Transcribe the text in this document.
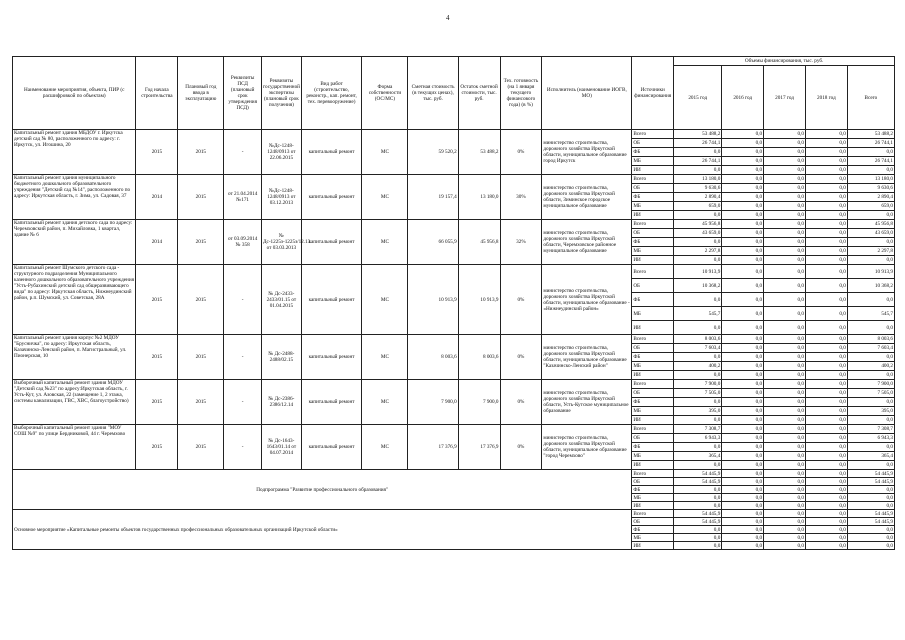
4
Наименование мероприятия, объекта, ПИР (с расшифровкой по объектам)	Год начала строительства	Плановый год ввода в эксплуатацию	Реквизиты ПСД (плановый срок утверждения ПСД)	Реквизиты государственной экспертизы (плановый срок получения)	Вид работ (строительство, реконстр., кап. ремонт, тех. перевооружение)	Форма собственности (ОС/МС)	Сметная стоимость (в текущих ценах), тыс. руб.	Остаток сметной стоимости, тыс. руб.	Тех. готовность (на 1 января текущего финансового года) (в %)	Исполнитель (наименование ИОГВ, МО)	Источники финансирования	Объемы финансирования, тыс. руб.				
												2015 год	2016 год	2017 год	2018 год	Всего
Капитальный ремонт здания МБДОУ г. Иркутска детский сад № 80, расположенного по адресу: г. Иркутск, ул. Игошина, 20	2015	2015	-	№Дс-1248-1248/0913 от 22.06.2015	капитальный ремонт	МС	59 520,2	53 488,2	0%	министерство строительства, дорожного хозяйства Иркутской области, муниципальное образование город Иркутск	Всего	53 488,2	0,0	0,0	0,0	53 488,2
											ОБ	26 744,1	0,0	0,0	0,0	26 744,1
											ФБ	0,0	0,0	0,0	0,0	0,0
											МБ	26 744,1	0,0	0,0	0,0	26 744,1
											ИИ	0,0	0,0	0,0	0,0	0,0
Капитальный ремонт здания муниципального бюджетного дошкольного образовательного учреждения "Детский сад №14", расположенного по адресу: Иркутская область, г. Зима, ул. Садовая, 37	2014	2015	от 21.04.2014 №171	№Дс-1248-1248/0913 от 03.12.2013	капитальный ремонт	МС	19 157,4	13 180,0	30%	министерство строительства, дорожного хозяйства Иркутской области, Зиминское городское муниципальное образование	Всего	13 180,0	0,0	0,0	0,0	13 180,0
											ОБ	9 630,6	0,0	0,0	0,0	9 630,6
											ФБ	2 890,4	0,0	0,0	0,0	2 890,4
											МБ	659,0	0,0	0,0	0,0	659,0
											ИИ	0,0	0,0	0,0	0,0	0,0
Капитальный ремонт здания детского сада по адресу: Черемховский район, п. Михайловка, 1 квартал, здание № 6	2014	2015	от 03.09.2014 № 358	№ Дс-1225з-1225з/12.13 от 03.03.2013	капитальный ремонт	МС	66 055,9	45 956,8	32%	министерство строительства, дорожного хозяйства Иркутской области, Черемховское районное муниципальное образование	Всего	45 956,8	0,0	0,0	0,0	45 956,8
											ОБ	43 659,0	0,0	0,0	0,0	43 659,0
											ФБ	0,0	0,0	0,0	0,0	0,0
											МБ	2 297,8	0,0	0,0	0,0	2 297,8
											ИИ	0,0	0,0	0,0	0,0	0,0
Капитальный ремонт Шумского детского сада - структурного подразделения Муниципального казенного дошкольного образовательного учреждения "Усть-Рубахинский детский сад общеразвивающего вида" по адресу: Иркутская область, Нижнеудинский район, р.п. Шумский, ул. Советская, 28А	2015	2015	-	№ Дс-2433-2433/01.15 от 01.04.2015	капитальный ремонт	МС	10 913,9	10 913,9	0%	министерство строительства, дорожного хозяйства Иркутской области, муниципальное образование - «Нижнеудинский район»	Всего	10 913,9	0,0	0,0	0,0	10 913,9
											ОБ	10 368,2	0,0	0,0	0,0	10 368,2
											ФБ	0,0	0,0	0,0	0,0	0,0
											МБ	545,7	0,0	0,0	0,0	545,7
											ИИ	0,0	0,0	0,0	0,0	0,0
Капитальный ремонт здания корпус №2 МДОУ "Брусничка", по адресу: Иркутская область, Казачинско-Ленский район, п. Магистральный, ул. Пионерская, 10	2015	2015	-	№ Дс-2488-2488/02.15	капитальный ремонт	МС	8 003,6	8 003,6	0%	министерство строительства, дорожного хозяйства Иркутской области, муниципальное образование "Казачинско-Ленский район"	Всего	8 003,6	0,0	0,0	0,0	8 003,6
											ОБ	7 603,4	0,0	0,0	0,0	7 603,4
											ФБ	0,0	0,0	0,0	0,0	0,0
											МБ	400,2	0,0	0,0	0,0	400,2
											ИИ	0,0	0,0	0,0	0,0	0,0
Выборочный капитальный ремонт здания МДОУ "Детский сад №23" по адресу:Иркутская область, г. Усть-Кут, ул. Азовская, 22 (замещение 1, 2 этажа, системы канализации, ГВС, ХВС, благоустройство)	2015	2015	-	№ Дс-2386-2386/12.14	капитальный ремонт	МС	7 900,0	7 900,0	0%	министерство строительства, дорожного хозяйства Иркутской области, Усть-Кутское муниципальное образование	Всего	7 900,0	0,0	0,0	0,0	7 900,0
											ОБ	7 505,0	0,0	0,0	0,0	7 505,0
											ФБ	0,0	0,0	0,0	0,0	0,0
											МБ	395,0	0,0	0,0	0,0	395,0
											ИИ	0,0	0,0	0,0	0,0	0,0
Выборочный капитальный ремонт здания "МОУ СОШ №9" по улице Бердниковой, 44 г. Черемхово	2015	2015	-	№ Дс-1643-1643/01.14 от 04.07.2014	капитальный ремонт	МС	17 376,9	17 376,9	0%	министерство строительства, дорожного хозяйства Иркутской области, муниципальное образование "город Черемхово"	Всего	7 308,7	0,0	0,0	0,0	7 308,7
											ОБ	6 943,3	0,0	0,0	0,0	6 943,3
											ФБ	0,0	0,0	0,0	0,0	0,0
											МБ	365,4	0,0	0,0	0,0	365,4
											ИИ	0,0	0,0	0,0	0,0	0,0
Подпрограмма "Развитие профессионального образования"											Всего	54 445,9	0,0	0,0	0,0	54 445,9
											ОБ	54 445,9	0,0	0,0	0,0	54 445,9
											ФБ	0,0	0,0	0,0	0,0	0,0
											МБ	0,0	0,0	0,0	0,0	0,0
											ИИ	0,0	0,0	0,0	0,0	0,0
Основное мероприятие «Капитальные ремонты объектов государственных профессиональных образовательных организаций Иркутской области»											Всего	54 445,9	0,0	0,0	0,0	54 445,9
											ОБ	54 445,9	0,0	0,0	0,0	54 445,9
											ФБ	0,0	0,0	0,0	0,0	0,0
											МБ	0,0	0,0	0,0	0,0	0,0
											ИИ	0,0	0,0	0,0	0,0	0,0
